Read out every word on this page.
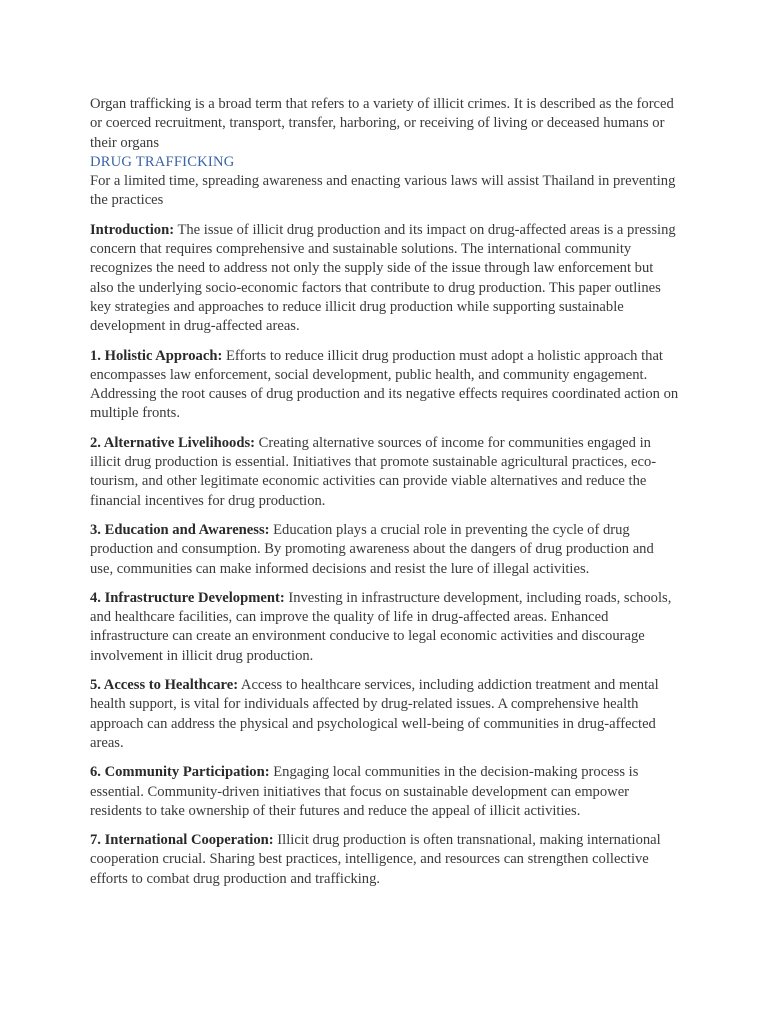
Organ trafficking is a broad term that refers to a variety of illicit crimes. It is described as the forced or coerced recruitment, transport, transfer, harboring, or receiving of living or deceased humans or their organs

DRUG TRAFFICKING

For a limited time, spreading awareness and enacting various laws will assist Thailand in preventing the practices

Introduction: The issue of illicit drug production and its impact on drug-affected areas is a pressing concern that requires comprehensive and sustainable solutions. The international community recognizes the need to address not only the supply side of the issue through law enforcement but also the underlying socio-economic factors that contribute to drug production. This paper outlines key strategies and approaches to reduce illicit drug production while supporting sustainable development in drug-affected areas.

1. Holistic Approach: Efforts to reduce illicit drug production must adopt a holistic approach that encompasses law enforcement, social development, public health, and community engagement. Addressing the root causes of drug production and its negative effects requires coordinated action on multiple fronts.

2. Alternative Livelihoods: Creating alternative sources of income for communities engaged in illicit drug production is essential. Initiatives that promote sustainable agricultural practices, eco-tourism, and other legitimate economic activities can provide viable alternatives and reduce the financial incentives for drug production.

3. Education and Awareness: Education plays a crucial role in preventing the cycle of drug production and consumption. By promoting awareness about the dangers of drug production and use, communities can make informed decisions and resist the lure of illegal activities.

4. Infrastructure Development: Investing in infrastructure development, including roads, schools, and healthcare facilities, can improve the quality of life in drug-affected areas. Enhanced infrastructure can create an environment conducive to legal economic activities and discourage involvement in illicit drug production.

5. Access to Healthcare: Access to healthcare services, including addiction treatment and mental health support, is vital for individuals affected by drug-related issues. A comprehensive health approach can address the physical and psychological well-being of communities in drug-affected areas.

6. Community Participation: Engaging local communities in the decision-making process is essential. Community-driven initiatives that focus on sustainable development can empower residents to take ownership of their futures and reduce the appeal of illicit activities.

7. International Cooperation: Illicit drug production is often transnational, making international cooperation crucial. Sharing best practices, intelligence, and resources can strengthen collective efforts to combat drug production and trafficking.
